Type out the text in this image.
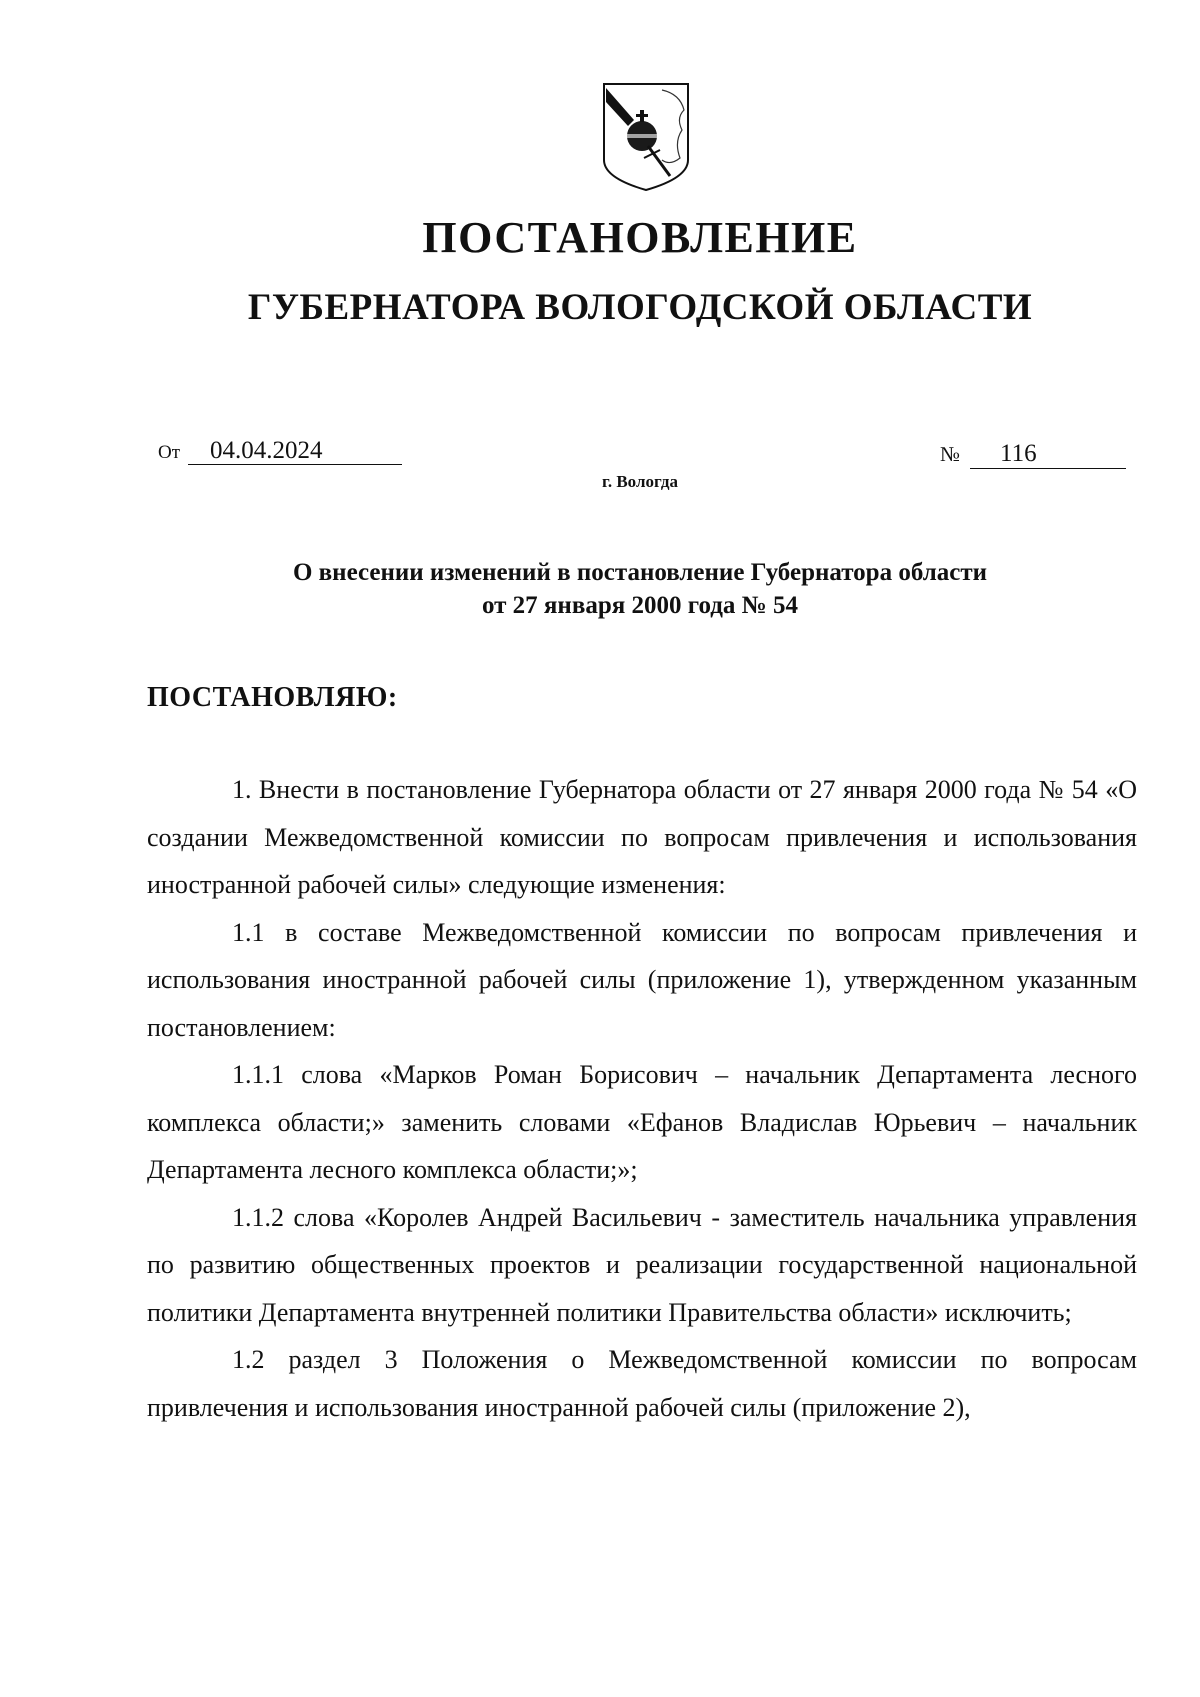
ПОСТАНОВЛЕНИЕ
ГУБЕРНАТОРА ВОЛОГОДСКОЙ ОБЛАСТИ
От 04.04.2024	№ 116
г. Вологда
О внесении изменений в постановление Губернатора области
от 27 января 2000 года № 54
ПОСТАНОВЛЯЮ:

1. Внести в постановление Губернатора области от 27 января 2000 года № 54 «О создании Межведомственной комиссии по вопросам привлечения и использования иностранной рабочей силы» следующие изменения:

1.1 в составе Межведомственной комиссии по вопросам привлечения и использования иностранной рабочей силы (приложение 1), утвержденном указанным постановлением:

1.1.1 слова «Марков Роман Борисович – начальник Департамента лесного комплекса области;» заменить словами «Ефанов Владислав Юрьевич – начальник Департамента лесного комплекса области;»;

1.1.2 слова «Королев Андрей Васильевич - заместитель начальника управления по развитию общественных проектов и реализации государственной национальной политики Департамента внутренней политики Правительства области» исключить;

1.2 раздел 3 Положения о Межведомственной комиссии по вопросам привлечения и использования иностранной рабочей силы (приложение 2),
